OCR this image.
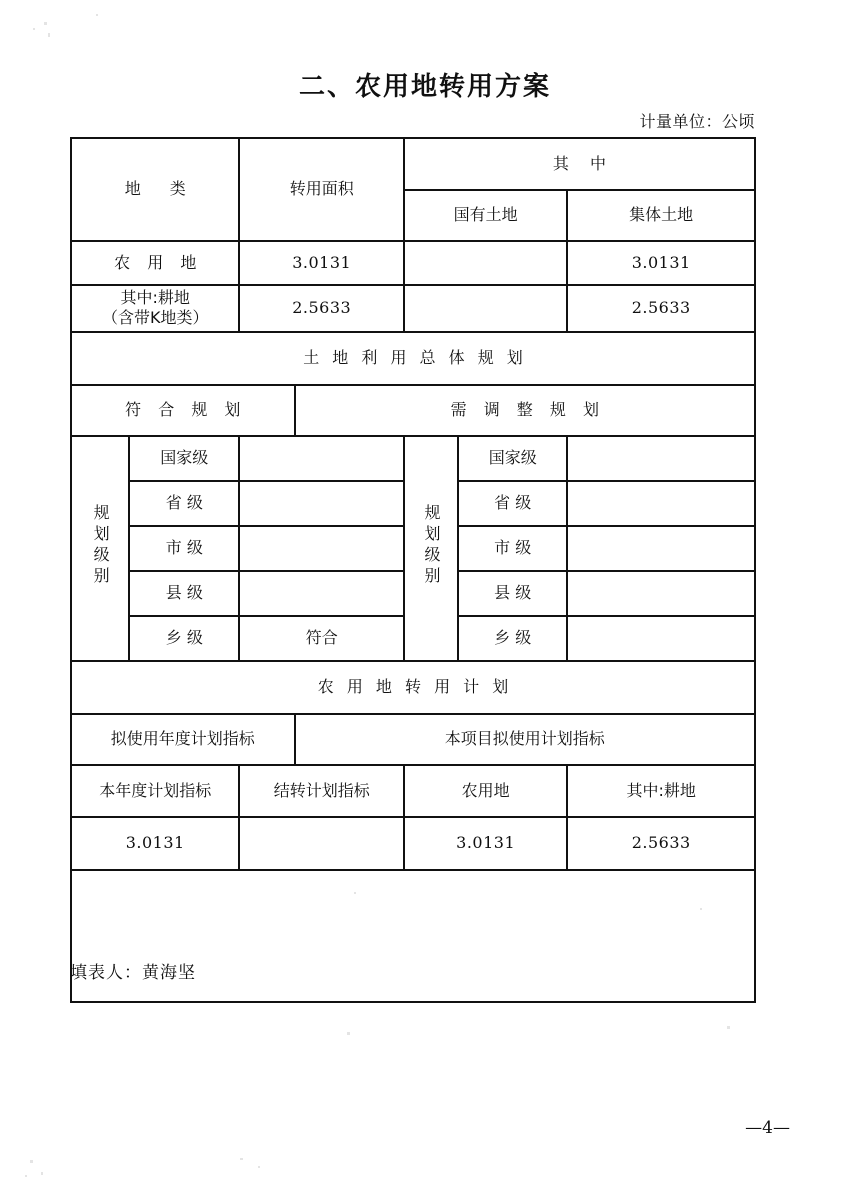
二、农用地转用方案
计量单位：公顷
地 类		转用面积		其 中		
				国有土地		集体土地
农 用 地		3.0131				3.0131

其中:耕地
（含带K地类）		2.5633				2.5633
土 地 利 用 总 体 规 划						
符 合 规 划			需 调 整 规 划			
规划级别	国家级			规划级别	国家级	
	省 级				省 级	
	市 级				市 级	
	县 级				县 级	
	乡 级	符合			乡 级	
农 用 地 转 用 计 划						
拟使用年度计划指标			本项目拟使用计划指标			
本年度计划指标		结转计划指标		农用地		其中:耕地
3.0131				3.0131		2.5633

填表人：黄海坚
—4—
